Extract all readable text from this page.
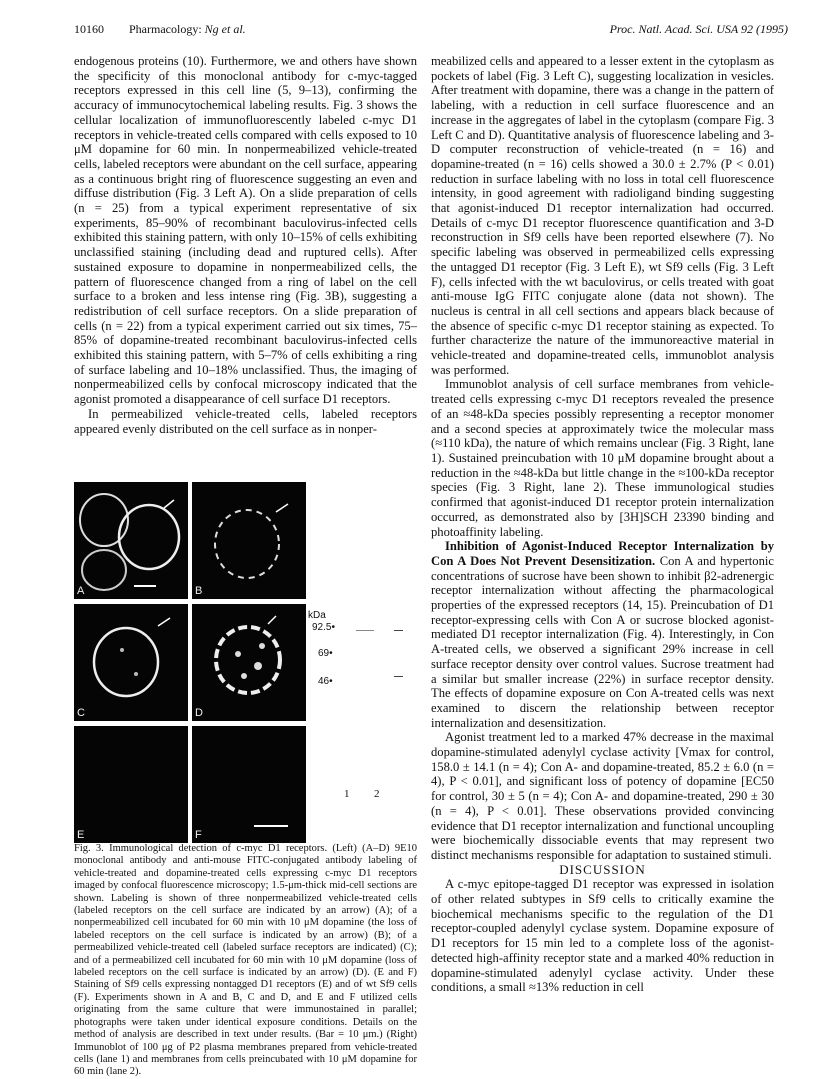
10160 Pharmacology: Ng et al.	Proc. Natl. Acad. Sci. USA 92 (1995)

endogenous proteins (10). Furthermore, we and others have shown the specificity of this monoclonal antibody for c-myc-tagged receptors expressed in this cell line (5, 9–13), confirming the accuracy of immunocytochemical labeling results. Fig. 3 shows the cellular localization of immunofluorescently labeled c-myc D1 receptors in vehicle-treated cells compared with cells exposed to 10 μM dopamine for 60 min. In nonpermeabilized vehicle-treated cells, labeled receptors were abundant on the cell surface, appearing as a continuous bright ring of fluorescence suggesting an even and diffuse distribution (Fig. 3 Left A). On a slide preparation of cells (n = 25) from a typical experiment representative of six experiments, 85–90% of recombinant baculovirus-infected cells exhibited this staining pattern, with only 10–15% of cells exhibiting unclassified staining (including dead and ruptured cells). After sustained exposure to dopamine in nonpermeabilized cells, the pattern of fluorescence changed from a ring of label on the cell surface to a broken and less intense ring (Fig. 3B), suggesting a redistribution of cell surface receptors. On a slide preparation of cells (n = 22) from a typical experiment carried out six times, 75–85% of dopamine-treated recombinant baculovirus-infected cells exhibited this staining pattern, with 5–7% of cells exhibiting a ring of surface labeling and 10–18% unclassified. Thus, the imaging of nonpermeabilized cells by confocal microscopy indicated that the agonist promoted a disappearance of cell surface D1 receptors.

In permeabilized vehicle-treated cells, labeled receptors appeared evenly distributed on the cell surface as in nonper-

A	B
C	D
E	F
kDa
92.5•
69•
46•
1 2
Fig. 3. Immunological detection of c-myc D1 receptors. (Left) (A–D) 9E10 monoclonal antibody and anti-mouse FITC-conjugated antibody labeling of vehicle-treated and dopamine-treated cells expressing c-myc D1 receptors imaged by confocal fluorescence microscopy; 1.5-μm-thick mid-cell sections are shown. Labeling is shown of three nonpermeabilized vehicle-treated cells (labeled receptors on the cell surface are indicated by an arrow) (A); of a nonpermeabilized cell incubated for 60 min with 10 μM dopamine (the loss of labeled receptors on the cell surface is indicated by an arrow) (B); of a permeabilized vehicle-treated cell (labeled surface receptors are indicated) (C); and of a permeabilized cell incubated for 60 min with 10 μM dopamine (loss of labeled receptors on the cell surface is indicated by an arrow) (D). (E and F) Staining of Sf9 cells expressing nontagged D1 receptors (E) and of wt Sf9 cells (F). Experiments shown in A and B, C and D, and E and F utilized cells originating from the same culture that were immunostained in parallel; photographs were taken under identical exposure conditions. Details on the method of analysis are described in text under results. (Bar = 10 μm.) (Right) Immunoblot of 100 μg of P2 plasma membranes prepared from vehicle-treated cells (lane 1) and membranes from cells preincubated with 10 μM dopamine for 60 min (lane 2).

meabilized cells and appeared to a lesser extent in the cytoplasm as pockets of label (Fig. 3 Left C), suggesting localization in vesicles. After treatment with dopamine, there was a change in the pattern of labeling, with a reduction in cell surface fluorescence and an increase in the aggregates of label in the cytoplasm (compare Fig. 3 Left C and D). Quantitative analysis of fluorescence labeling and 3-D computer reconstruction of vehicle-treated (n = 16) and dopamine-treated (n = 16) cells showed a 30.0 ± 2.7% (P < 0.01) reduction in surface labeling with no loss in total cell fluorescence intensity, in good agreement with radioligand binding suggesting that agonist-induced D1 receptor internalization had occurred. Details of c-myc D1 receptor fluorescence quantification and 3-D reconstruction in Sf9 cells have been reported elsewhere (7). No specific labeling was observed in permeabilized cells expressing the untagged D1 receptor (Fig. 3 Left E), wt Sf9 cells (Fig. 3 Left F), cells infected with the wt baculovirus, or cells treated with goat anti-mouse IgG FITC conjugate alone (data not shown). The nucleus is central in all cell sections and appears black because of the absence of specific c-myc D1 receptor staining as expected. To further characterize the nature of the immunoreactive material in vehicle-treated and dopamine-treated cells, immunoblot analysis was performed.

Immunoblot analysis of cell surface membranes from vehicle-treated cells expressing c-myc D1 receptors revealed the presence of an ≈48-kDa species possibly representing a receptor monomer and a second species at approximately twice the molecular mass (≈110 kDa), the nature of which remains unclear (Fig. 3 Right, lane 1). Sustained preincubation with 10 μM dopamine brought about a reduction in the ≈48-kDa but little change in the ≈100-kDa receptor species (Fig. 3 Right, lane 2). These immunological studies confirmed that agonist-induced D1 receptor protein internalization occurred, as demonstrated also by [3H]SCH 23390 binding and photoaffinity labeling.

Inhibition of Agonist-Induced Receptor Internalization by Con A Does Not Prevent Desensitization. Con A and hypertonic concentrations of sucrose have been shown to inhibit β2-adrenergic receptor internalization without affecting the pharmacological properties of the expressed receptors (14, 15). Preincubation of D1 receptor-expressing cells with Con A or sucrose blocked agonist-mediated D1 receptor internalization (Fig. 4). Interestingly, in Con A-treated cells, we observed a significant 29% increase in cell surface receptor density over control values. Sucrose treatment had a similar but smaller increase (22%) in surface receptor density. The effects of dopamine exposure on Con A-treated cells was next examined to discern the relationship between receptor internalization and desensitization.

Agonist treatment led to a marked 47% decrease in the maximal dopamine-stimulated adenylyl cyclase activity [Vmax for control, 158.0 ± 14.1 (n = 4); Con A- and dopamine-treated, 85.2 ± 6.0 (n = 4), P < 0.01], and significant loss of potency of dopamine [EC50 for control, 30 ± 5 (n = 4); Con A- and dopamine-treated, 290 ± 30 (n = 4), P < 0.01]. These observations provided convincing evidence that D1 receptor internalization and functional uncoupling were biochemically dissociable events that may represent two distinct mechanisms responsible for adaptation to sustained stimuli.

DISCUSSION

A c-myc epitope-tagged D1 receptor was expressed in isolation of other related subtypes in Sf9 cells to critically examine the biochemical mechanisms specific to the regulation of the D1 receptor-coupled adenylyl cyclase system. Dopamine exposure of D1 receptors for 15 min led to a complete loss of the agonist-detected high-affinity receptor state and a marked 40% reduction in dopamine-stimulated adenylyl cyclase activity. Under these conditions, a small ≈13% reduction in cell
